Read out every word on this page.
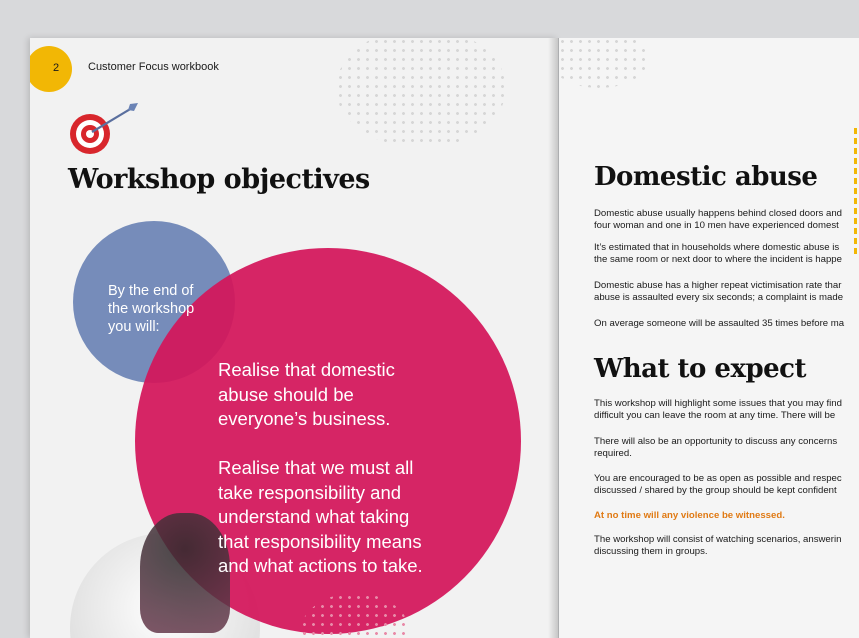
2	Customer Focus workbook
Workshop objectives
By the end of
the workshop
you will:
Realise that domestic
abuse should be
everyone’s business.
Realise that we must all
take responsibility and
understand what taking
that responsibility means
and what actions to take.
Domestic abuse
Domestic abuse usually happens behind closed doors and
four woman and one in 10 men have experienced domest
It’s estimated that in households where domestic abuse is
the same room or next door to where the incident is happe
Domestic abuse has a higher repeat victimisation rate thar
abuse is assaulted every six seconds; a complaint is made
On average someone will be assaulted 35 times before ma
What to expect
This workshop will highlight some issues that you may find
difficult you can leave the room at any time. There will be
There will also be an opportunity to discuss any concerns
required.
You are encouraged to be as open as possible and respec
discussed / shared by the group should be kept confident
At no time will any violence be witnessed.
The workshop will consist of watching scenarios, answerin
discussing them in groups.
